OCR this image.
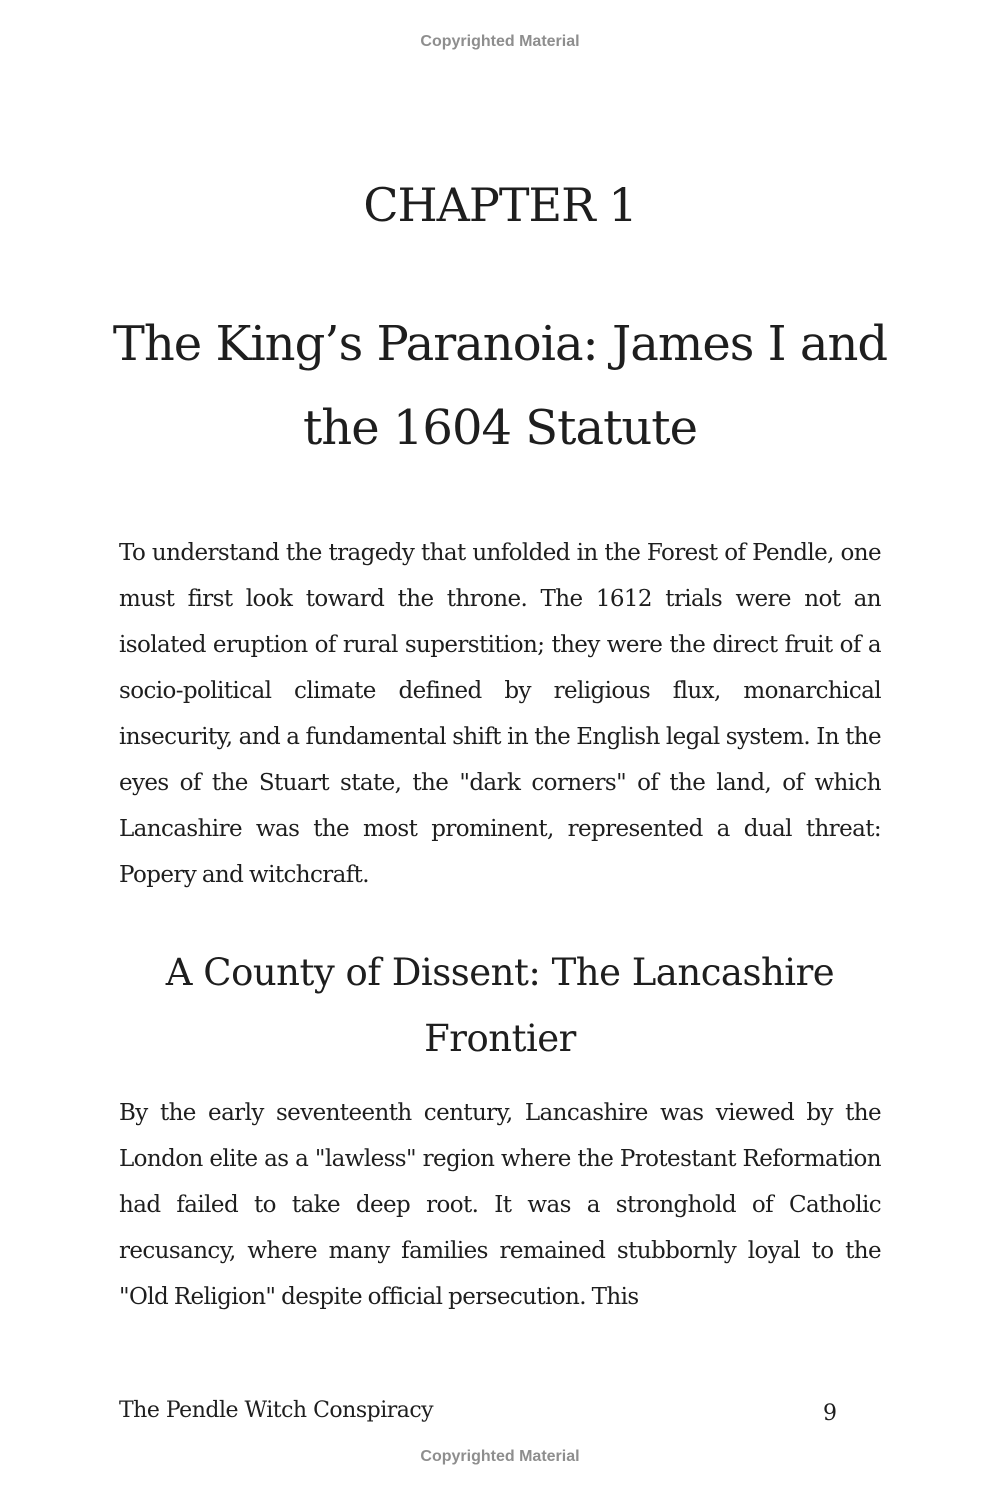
Copyrighted Material
CHAPTER 1
The King’s Paranoia: James I and the 1604 Statute

To understand the tragedy that unfolded in the Forest of Pendle, one must first look toward the throne. The 1612 trials were not an isolated eruption of rural superstition; they were the direct fruit of a socio-political climate defined by religious flux, monarchical insecurity, and a fundamental shift in the English legal system. In the eyes of the Stuart state, the "dark corners" of the land, of which Lancashire was the most prominent, represented a dual threat: Popery and witchcraft.

A County of Dissent: The Lancashire Frontier

By the early seventeenth century, Lancashire was viewed by the London elite as a "lawless" region where the Protestant Reformation had failed to take deep root. It was a stronghold of Catholic recusancy, where many families remained stubbornly loyal to the "Old Religion" despite official persecution. This

The Pendle Witch Conspiracy	9
Copyrighted Material
